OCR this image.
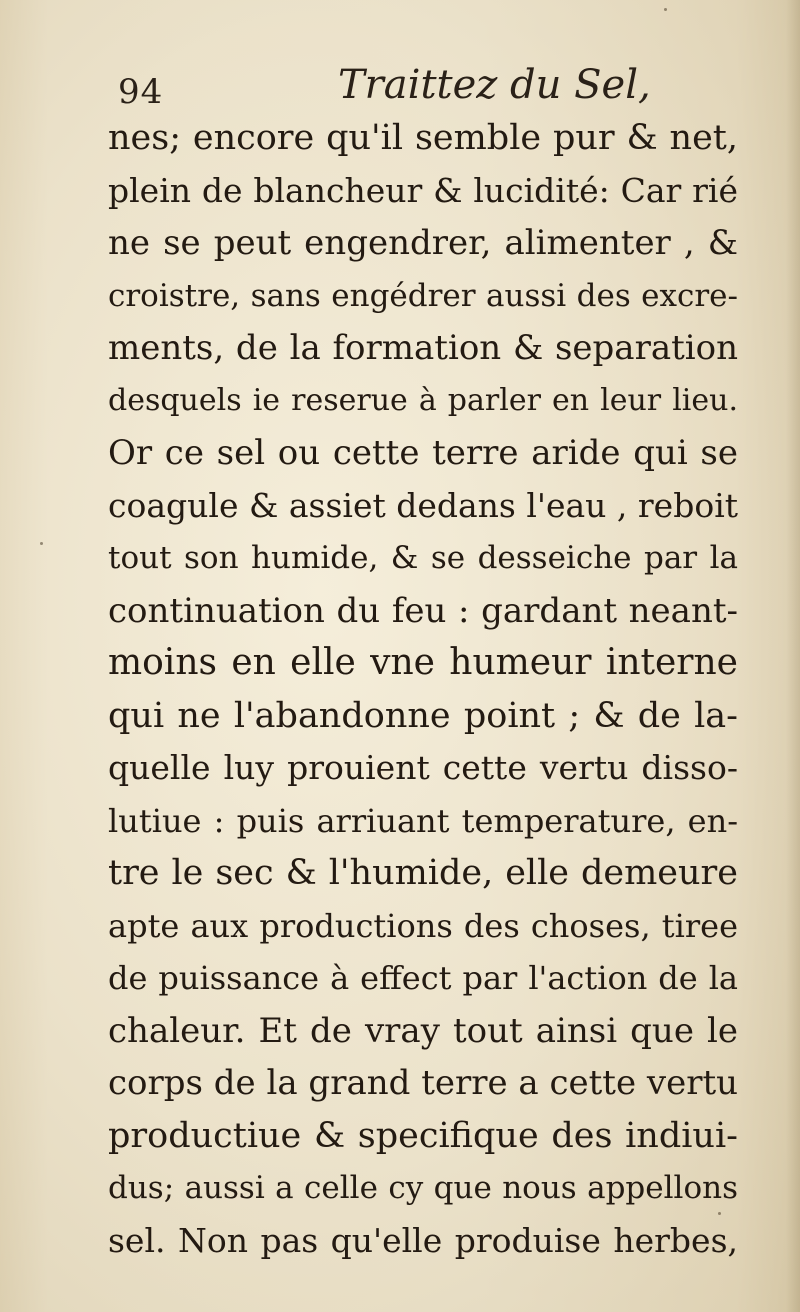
94	Traittez du Sel,
nes; encore qu'il semble pur & net,
plein de blancheur & lucidité: Car rié
ne se peut engendrer, alimenter , &
croistre, sans engédrer aussi des excre-
ments, de la formation & separation
desquels ie reserue à parler en leur lieu.
Or ce sel ou cette terre aride qui se
coagule & assiet dedans l'eau , reboit
tout son humide, & se desseiche par la
continuation du feu : gardant neant-
moins en elle vne humeur interne
qui ne l'abandonne point ; & de la-
quelle luy prouient cette vertu disso-
lutiue : puis arriuant temperature, en-
tre le sec & l'humide, elle demeure
apte aux productions des choses, tiree
de puissance à effect par l'action de la
chaleur. Et de vray tout ainsi que le
corps de la grand terre a cette vertu
productiue & specifique des indiui-
dus; aussi a celle cy que nous appellons
sel. Non pas qu'elle produise herbes,
